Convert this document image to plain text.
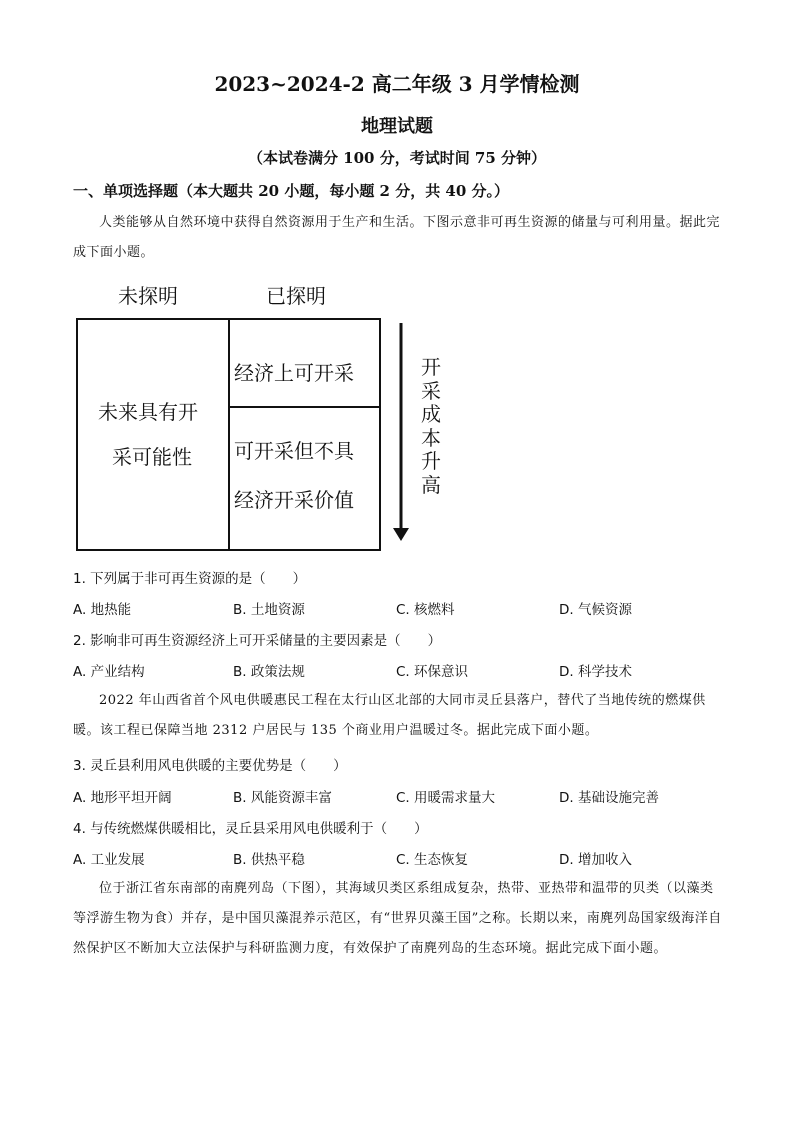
2023~2024-2 高二年级 3 月学情检测
地理试题
（本试卷满分 100 分，考试时间 75 分钟）
一、单项选择题（本大题共 20 小题，每小题 2 分，共 40 分。）
人类能够从自然环境中获得自然资源用于生产和生活。下图示意非可再生资源的储量与可利用量。据此完成下面小题。
未探明	已探明
未来具有开
采可能性
经济上可开采
可开采但不具
经济开采价值
开
采
成
本
升
高
1. 下列属于非可再生资源的是（　　）
A. 地热能	B. 土地资源	C. 核燃料	D. 气候资源
2. 影响非可再生资源经济上可开采储量的主要因素是（　　）
A. 产业结构	B. 政策法规	C. 环保意识	D. 科学技术
2022 年山西省首个风电供暖惠民工程在太行山区北部的大同市灵丘县落户，替代了当地传统的燃煤供暖。该工程已保障当地 2312 户居民与 135 个商业用户温暖过冬。据此完成下面小题。
3. 灵丘县利用风电供暖的主要优势是（　　）
A. 地形平坦开阔	B. 风能资源丰富	C. 用暖需求量大	D. 基础设施完善
4. 与传统燃煤供暖相比，灵丘县采用风电供暖利于（　　）
A. 工业发展	B. 供热平稳	C. 生态恢复	D. 增加收入
位于浙江省东南部的南麂列岛（下图），其海域贝类区系组成复杂，热带、亚热带和温带的贝类（以藻类等浮游生物为食）并存，是中国贝藻混养示范区，有“世界贝藻王国”之称。长期以来，南麂列岛国家级海洋自然保护区不断加大立法保护与科研监测力度，有效保护了南麂列岛的生态环境。据此完成下面小题。
